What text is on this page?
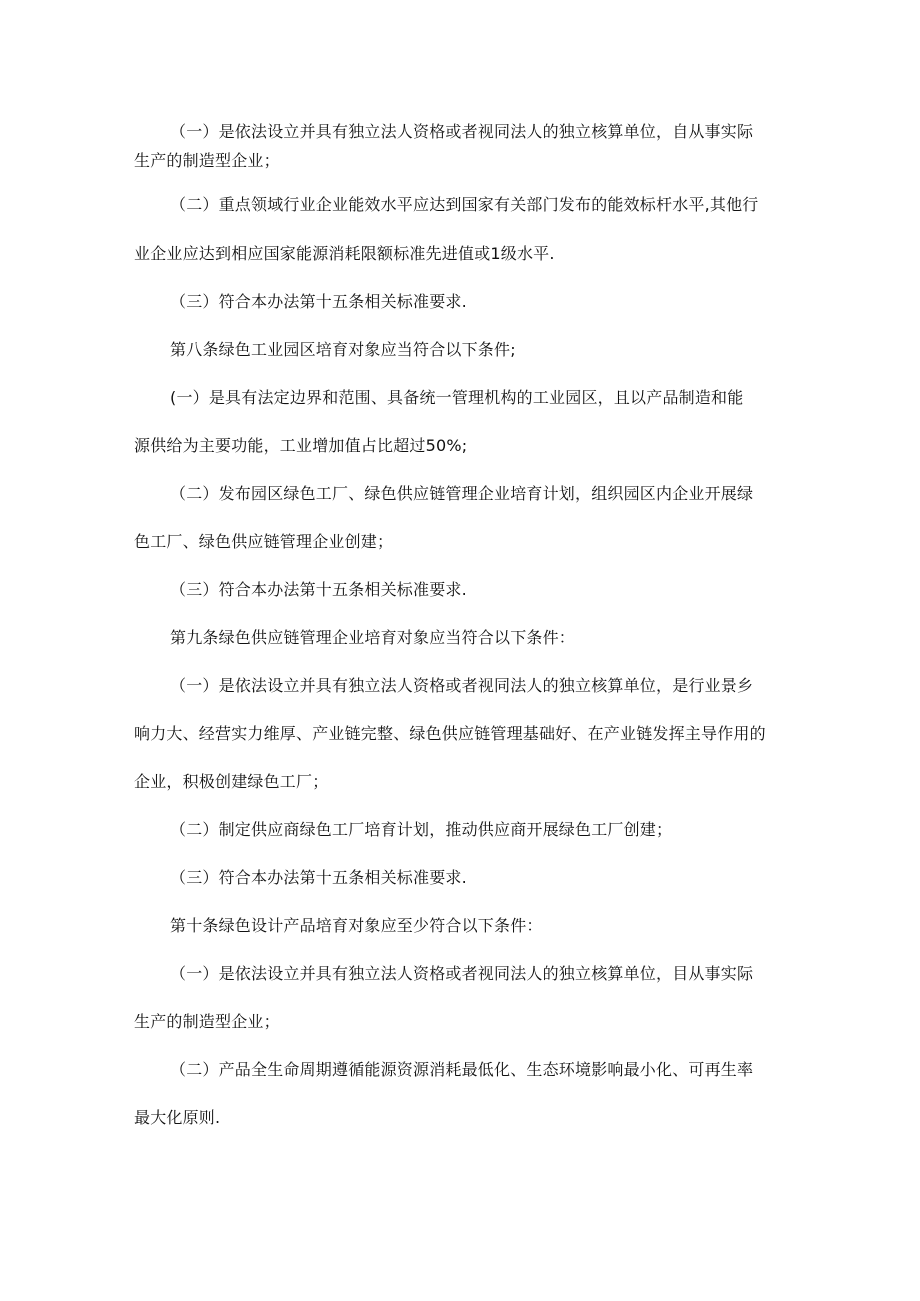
（一）是依法设立并具有独立法人资格或者视同法人的独立核算单位，自从事实际

生产的制造型企业；

（二）重点领域行业企业能效水平应达到国家有关部门发布的能效标杆水平,其他行

业企业应达到相应国家能源消耗限额标准先进值或1级水平.

（三）符合本办法第十五条相关标准要求.

第八条绿色工业园区培育对象应当符合以下条件;

(一）是具有法定边界和范围、具备统一管理机构的工业园区，且以产品制造和能

源供给为主要功能，工业增加值占比超过50%;

（二）发布园区绿色工厂、绿色供应链管理企业培育计划，组织园区内企业开展绿

色工厂、绿色供应链管理企业创建；

（三）符合本办法第十五条相关标准要求.

第九条绿色供应链管理企业培育对象应当符合以下条件：

（一）是依法设立并具有独立法人资格或者视同法人的独立核算单位，是行业景乡

响力大、经营实力维厚、产业链完整、绿色供应链管理基础好、在产业链发挥主导作用的

企业，积极创建绿色工厂；

（二）制定供应商绿色工厂培育计划，推动供应商开展绿色工厂创建；

（三）符合本办法第十五条相关标准要求.

第十条绿色设计产品培育对象应至少符合以下条件：

（一）是依法设立并具有独立法人资格或者视同法人的独立核算单位，目从事实际

生产的制造型企业；

（二）产品全生命周期遵循能源资源消耗最低化、生态环境影响最小化、可再生率

最大化原则.
